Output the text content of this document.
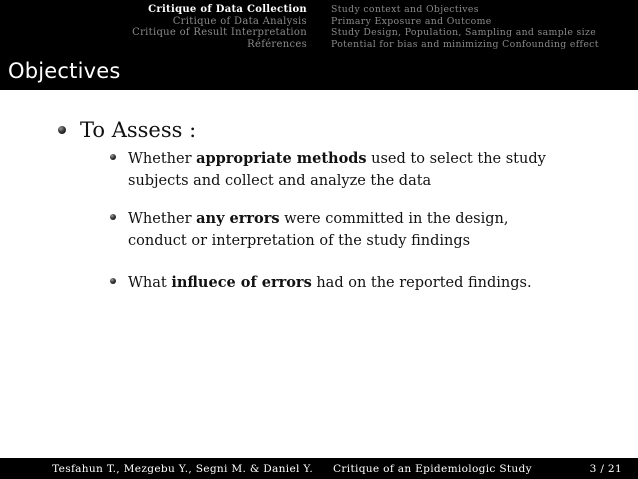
Critique of Data Collection
Critique of Data Analysis
Critique of Result Interpretation
Références
Study context and Objectives
Primary Exposure and Outcome
Study Design, Population, Sampling and sample size
Potential for bias and minimizing Confounding effect
Objectives
To Assess :
Whether appropriate methods used to select the study
subjects and collect and analyze the data
Whether any errors were committed in the design,
conduct or interpretation of the study findings
What influece of errors had on the reported findings.
Tesfahun T., Mezgebu Y., Segni M. & Daniel Y.	Critique of an Epidemiologic Study	3 / 21
